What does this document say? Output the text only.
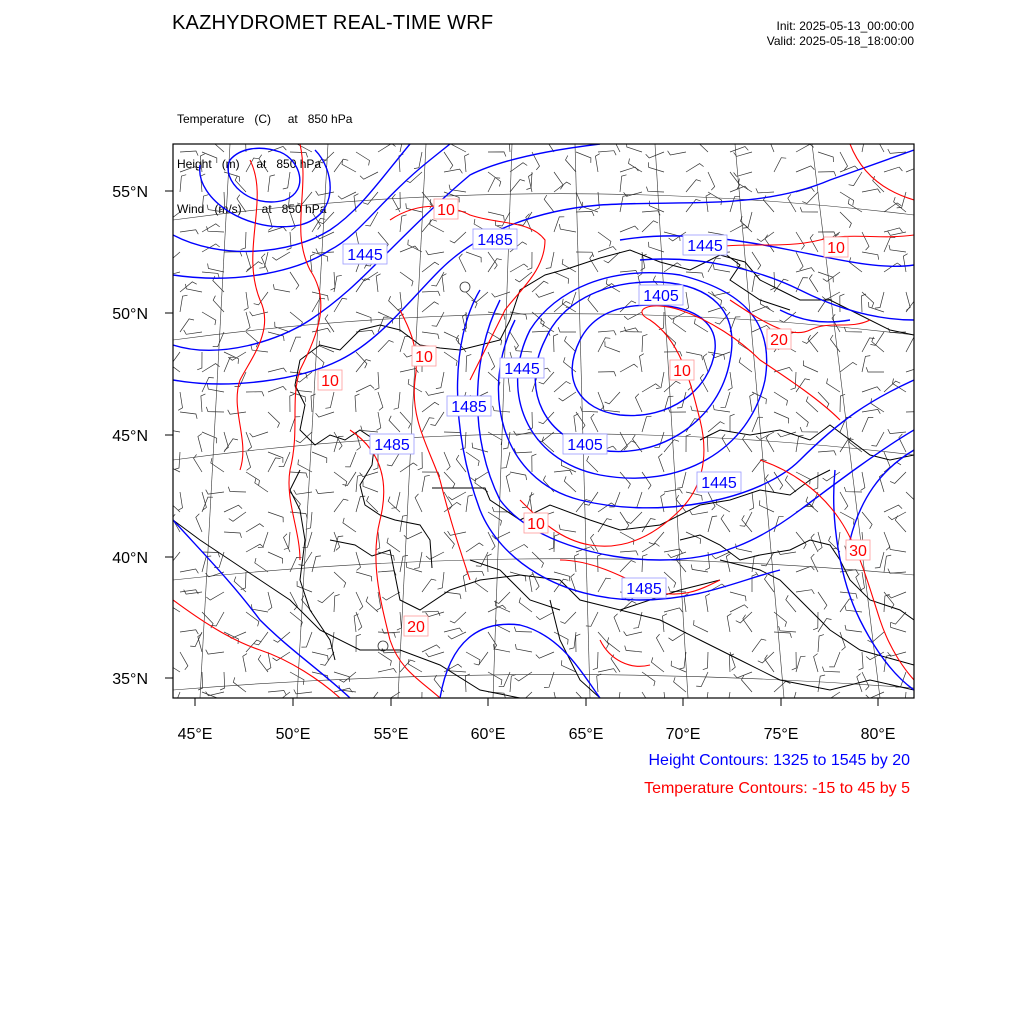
KAZHYDROMET REAL-TIME WRF	Init: 2025-05-13_00:00:00
Valid: 2025-05-18_18:00:00

Temperature   (C)     at   850 hPa

Height   (m)     at   850 hPa

Wind   (m/s)      at   850 hPa

55°N
50°N
45°N
40°N
35°N
45°E	50°E	55°E	60°E	65°E	70°E	75°E	80°E
1445
1485	1445
1405
1445
1485
1485	1405
1445
1485
10
10
10
10
10
10
20
30
20
Height Contours: 1325 to 1545 by 20
Temperature Contours: -15 to 45 by 5
